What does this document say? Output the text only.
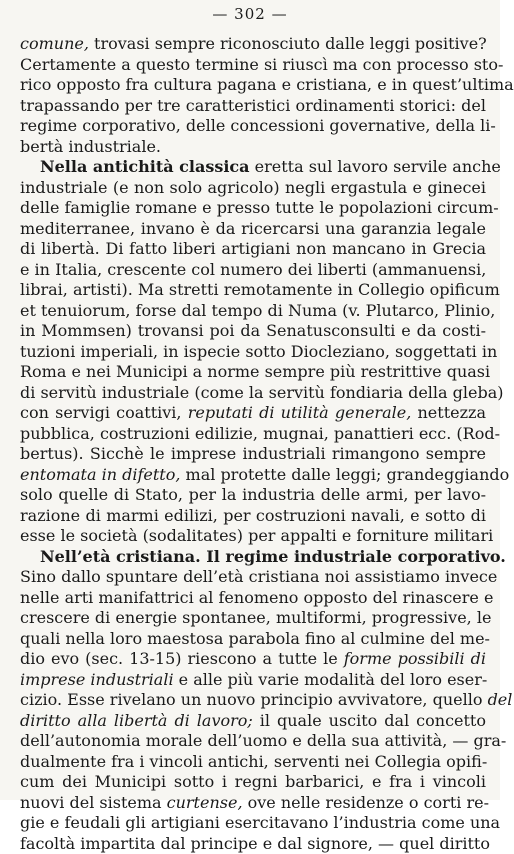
— 302 —
comune, trovasi sempre riconosciuto dalle leggi positive?
Certamente a questo termine si riuscì ma con processo sto-
rico opposto fra cultura pagana e cristiana, e in quest’ultima
trapassando per tre caratteristici ordinamenti storici: del
regime corporativo, delle concessioni governative, della li-
bertà industriale.
Nella antichità classica eretta sul lavoro servile anche
industriale (e non solo agricolo) negli ergastula e ginecei
delle famiglie romane e presso tutte le popolazioni circum-
mediterranee, invano è da ricercarsi una garanzia legale
di libertà. Di fatto liberi artigiani non mancano in Grecia
e in Italia, crescente col numero dei liberti (ammanuensi,
librai, artisti). Ma stretti remotamente in Collegio opificum
et tenuiorum, forse dal tempo di Numa (v. Plutarco, Plinio,
in Mommsen) trovansi poi da Senatusconsulti e da costi-
tuzioni imperiali, in ispecie sotto Diocleziano, soggettati in
Roma e nei Municipi a norme sempre più restrittive quasi
di servitù industriale (come la servitù fondiaria della gleba)
con servigi coattivi, reputati di utilità generale, nettezza
pubblica, costruzioni edilizie, mugnai, panattieri ecc. (Rod-
bertus). Sicchè le imprese industriali rimangono sempre
entomata in difetto, mal protette dalle leggi; grandeggiando
solo quelle di Stato, per la industria delle armi, per lavo-
razione di marmi edilizi, per costruzioni navali, e sotto di
esse le società (sodalitates) per appalti e forniture militari
Nell’età cristiana. Il regime industriale corporativo.
Sino dallo spuntare dell’età cristiana noi assistiamo invece
nelle arti manifattrici al fenomeno opposto del rinascere e
crescere di energie spontanee, multiformi, progressive, le
quali nella loro maestosa parabola fino al culmine del me-
dio evo (sec. 13-15) riescono a tutte le forme possibili di
imprese industriali e alle più varie modalità del loro eser-
cizio. Esse rivelano un nuovo principio avvivatore, quello del
diritto alla libertà di lavoro; il quale uscito dal concetto
dell’autonomia morale dell’uomo e della sua attività, — gra-
dualmente fra i vincoli antichi, serventi nei Collegia opifi-
cum dei Municipi sotto i regni barbarici, e fra i vincoli
nuovi del sistema curtense, ove nelle residenze o corti re-
gie e feudali gli artigiani esercitavano l’industria come una
facoltà impartita dal principe e dal signore, — quel diritto
